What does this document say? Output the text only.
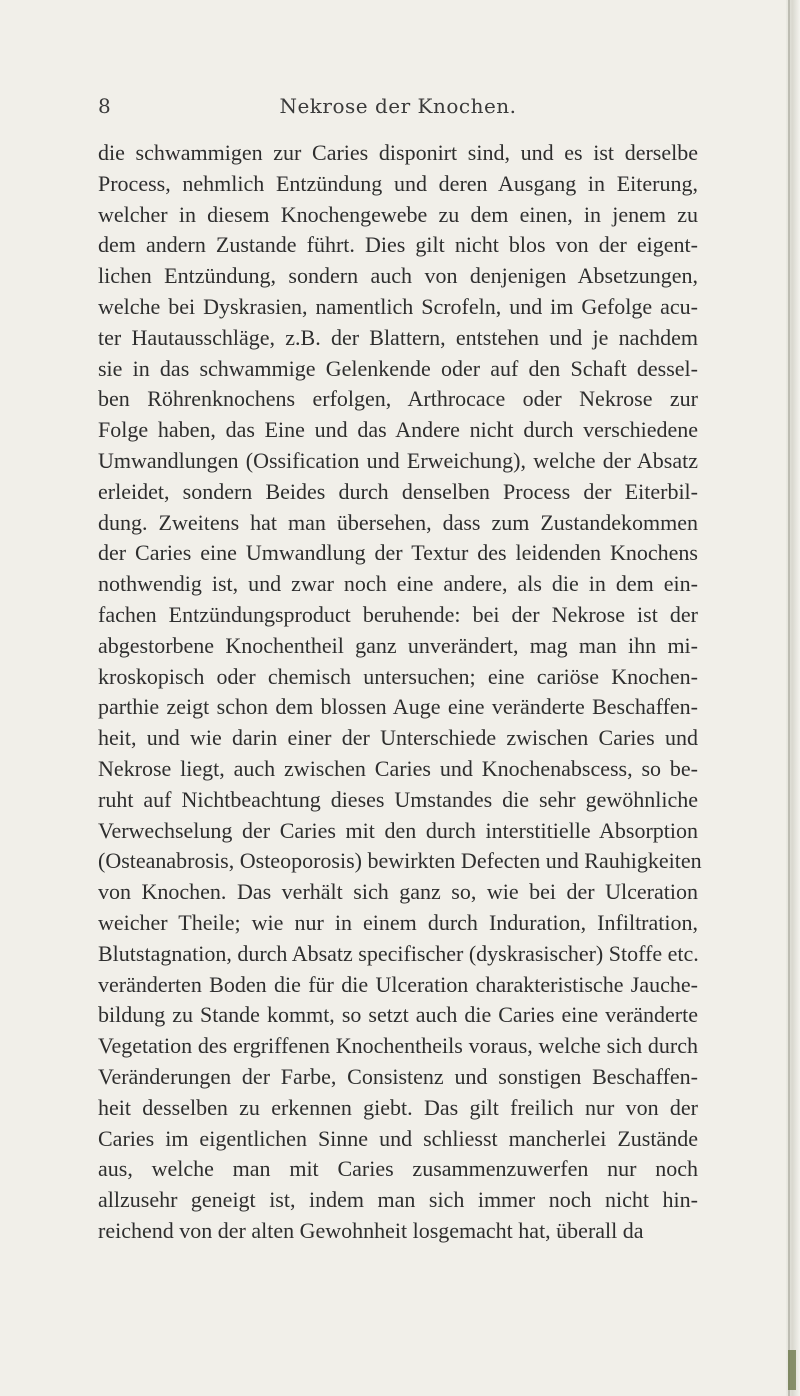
8	Nekrose der Knochen.
die schwammigen zur Caries disponirt sind, und es ist derselbe
Process, nehmlich Entzündung und deren Ausgang in Eiterung,
welcher in diesem Knochengewebe zu dem einen, in jenem zu
dem andern Zustande führt. Dies gilt nicht blos von der eigent-
lichen Entzündung, sondern auch von denjenigen Absetzungen,
welche bei Dyskrasien, namentlich Scrofeln, und im Gefolge acu-
ter Hautausschläge, z.B. der Blattern, entstehen und je nachdem
sie in das schwammige Gelenkende oder auf den Schaft dessel-
ben Röhrenknochens erfolgen, Arthrocace oder Nekrose zur
Folge haben, das Eine und das Andere nicht durch verschiedene
Umwandlungen (Ossification und Erweichung), welche der Absatz
erleidet, sondern Beides durch denselben Process der Eiterbil-
dung. Zweitens hat man übersehen, dass zum Zustandekommen
der Caries eine Umwandlung der Textur des leidenden Knochens
nothwendig ist, und zwar noch eine andere, als die in dem ein-
fachen Entzündungsproduct beruhende: bei der Nekrose ist der
abgestorbene Knochentheil ganz unverändert, mag man ihn mi-
kroskopisch oder chemisch untersuchen; eine cariöse Knochen-
parthie zeigt schon dem blossen Auge eine veränderte Beschaffen-
heit, und wie darin einer der Unterschiede zwischen Caries und
Nekrose liegt, auch zwischen Caries und Knochenabscess, so be-
ruht auf Nichtbeachtung dieses Umstandes die sehr gewöhnliche
Verwechselung der Caries mit den durch interstitielle Absorption
(Osteanabrosis, Osteoporosis) bewirkten Defecten und Rauhigkeiten
von Knochen. Das verhält sich ganz so, wie bei der Ulceration
weicher Theile; wie nur in einem durch Induration, Infiltration,
Blutstagnation, durch Absatz specifischer (dyskrasischer) Stoffe etc.
veränderten Boden die für die Ulceration charakteristische Jauche-
bildung zu Stande kommt, so setzt auch die Caries eine veränderte
Vegetation des ergriffenen Knochentheils voraus, welche sich durch
Veränderungen der Farbe, Consistenz und sonstigen Beschaffen-
heit desselben zu erkennen giebt. Das gilt freilich nur von der
Caries im eigentlichen Sinne und schliesst mancherlei Zustände
aus, welche man mit Caries zusammenzuwerfen nur noch
allzusehr geneigt ist, indem man sich immer noch nicht hin-
reichend von der alten Gewohnheit losgemacht hat, überall da
